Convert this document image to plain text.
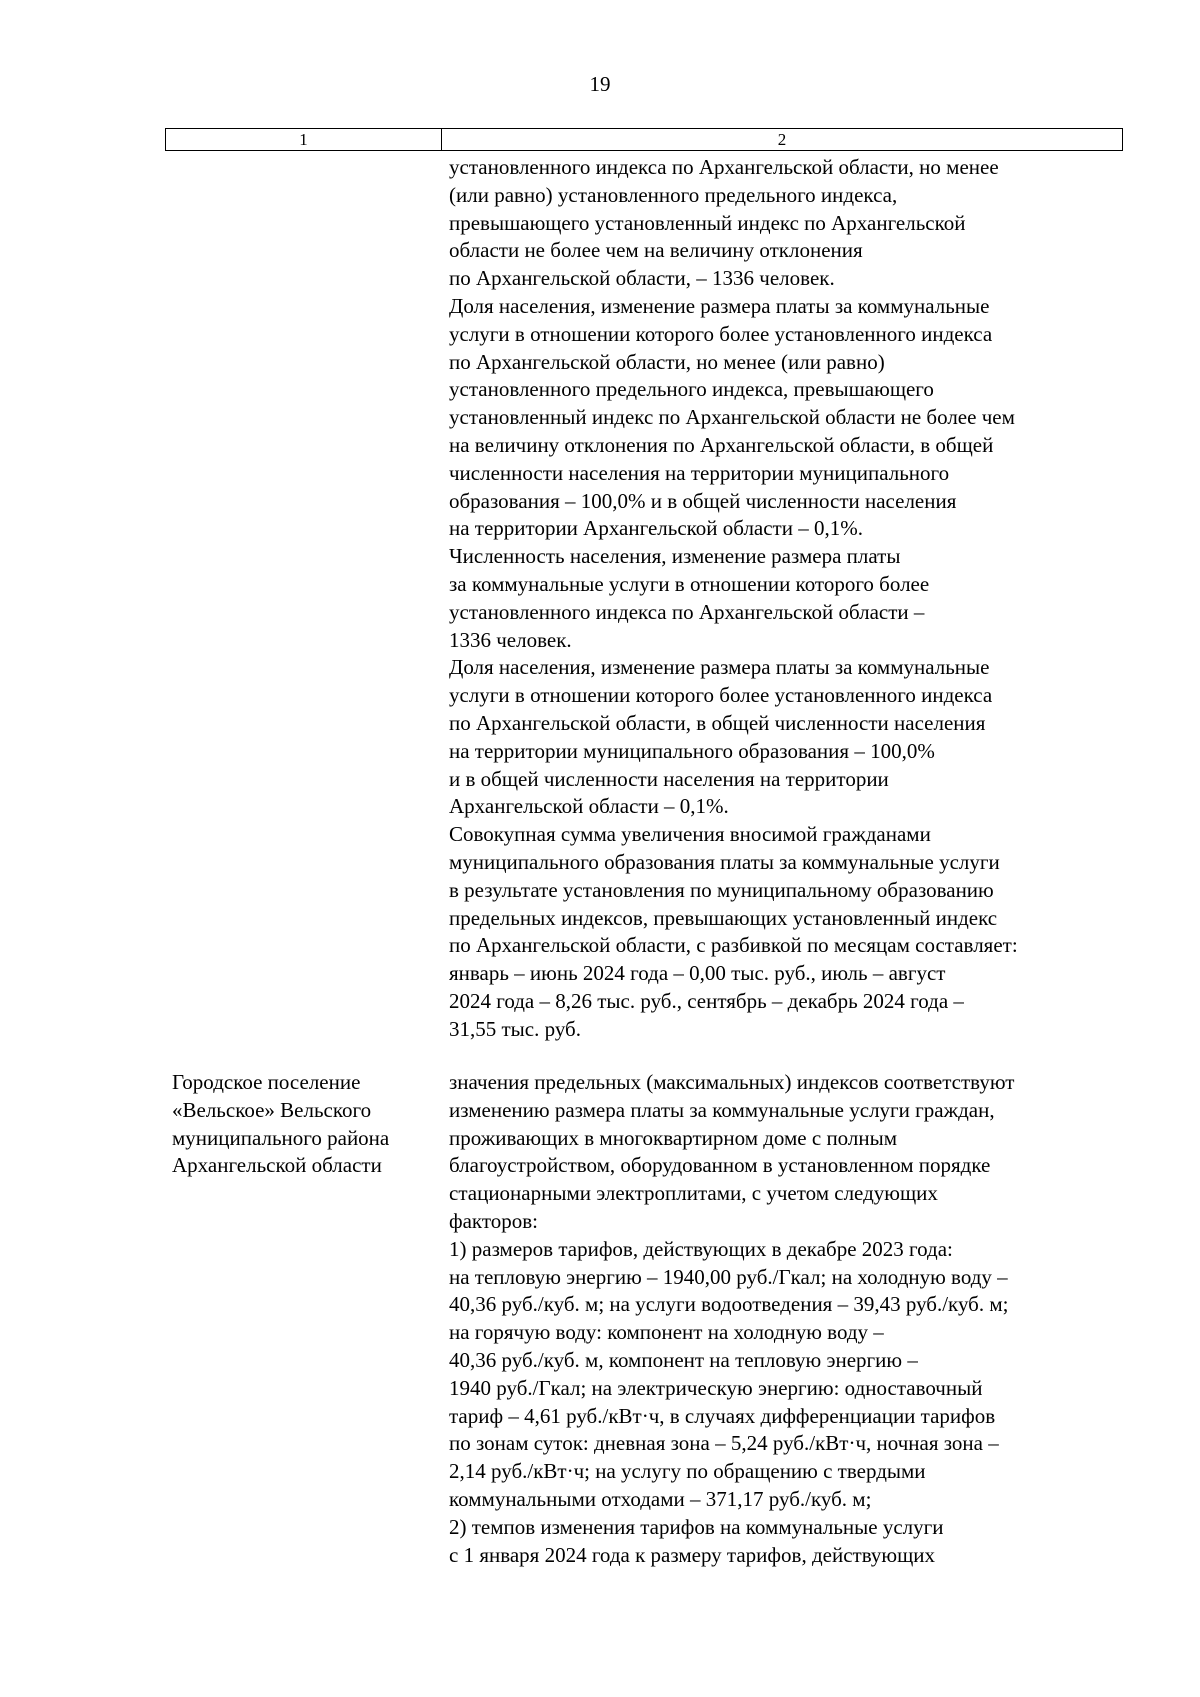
19
1	2
установленного индекса по Архангельской области, но менее
(или равно) установленного предельного индекса,
превышающего установленный индекс по Архангельской
области не более чем на величину отклонения
по Архангельской области, – 1336 человек.
Доля населения, изменение размера платы за коммунальные
услуги в отношении которого более установленного индекса
по Архангельской области, но менее (или равно)
установленного предельного индекса, превышающего
установленный индекс по Архангельской области не более чем
на величину отклонения по Архангельской области, в общей
численности населения на территории муниципального
образования – 100,0% и в общей численности населения
на территории Архангельской области – 0,1%.
Численность населения, изменение размера платы
за коммунальные услуги в отношении которого более
установленного индекса по Архангельской области –
1336 человек.
Доля населения, изменение размера платы за коммунальные
услуги в отношении которого более установленного индекса
по Архангельской области, в общей численности населения
на территории муниципального образования – 100,0%
и в общей численности населения на территории
Архангельской области – 0,1%.
Совокупная сумма увеличения вносимой гражданами
муниципального образования платы за коммунальные услуги
в результате установления по муниципальному образованию
предельных индексов, превышающих установленный индекс
по Архангельской области, с разбивкой по месяцам составляет:
январь – июнь 2024 года – 0,00 тыс. руб., июль – август
2024 года – 8,26 тыс. руб., сентябрь – декабрь 2024 года –
31,55 тыс. руб.
Городское поселение
«Вельское» Вельского
муниципального района
Архангельской области
значения предельных (максимальных) индексов соответствуют
изменению размера платы за коммунальные услуги граждан,
проживающих в многоквартирном доме с полным
благоустройством, оборудованном в установленном порядке
стационарными электроплитами, с учетом следующих
факторов:
1) размеров тарифов, действующих в декабре 2023 года:
на тепловую энергию – 1940,00 руб./Гкал; на холодную воду –
40,36 руб./куб. м; на услуги водоотведения – 39,43 руб./куб. м;
на горячую воду: компонент на холодную воду –
40,36 руб./куб. м, компонент на тепловую энергию –
1940 руб./Гкал; на электрическую энергию: одноставочный
тариф – 4,61 руб./кВт·ч, в случаях дифференциации тарифов
по зонам суток: дневная зона – 5,24 руб./кВт·ч, ночная зона –
2,14 руб./кВт·ч; на услугу по обращению с твердыми
коммунальными отходами – 371,17 руб./куб. м;
2) темпов изменения тарифов на коммунальные услуги
с 1 января 2024 года к размеру тарифов, действующих
